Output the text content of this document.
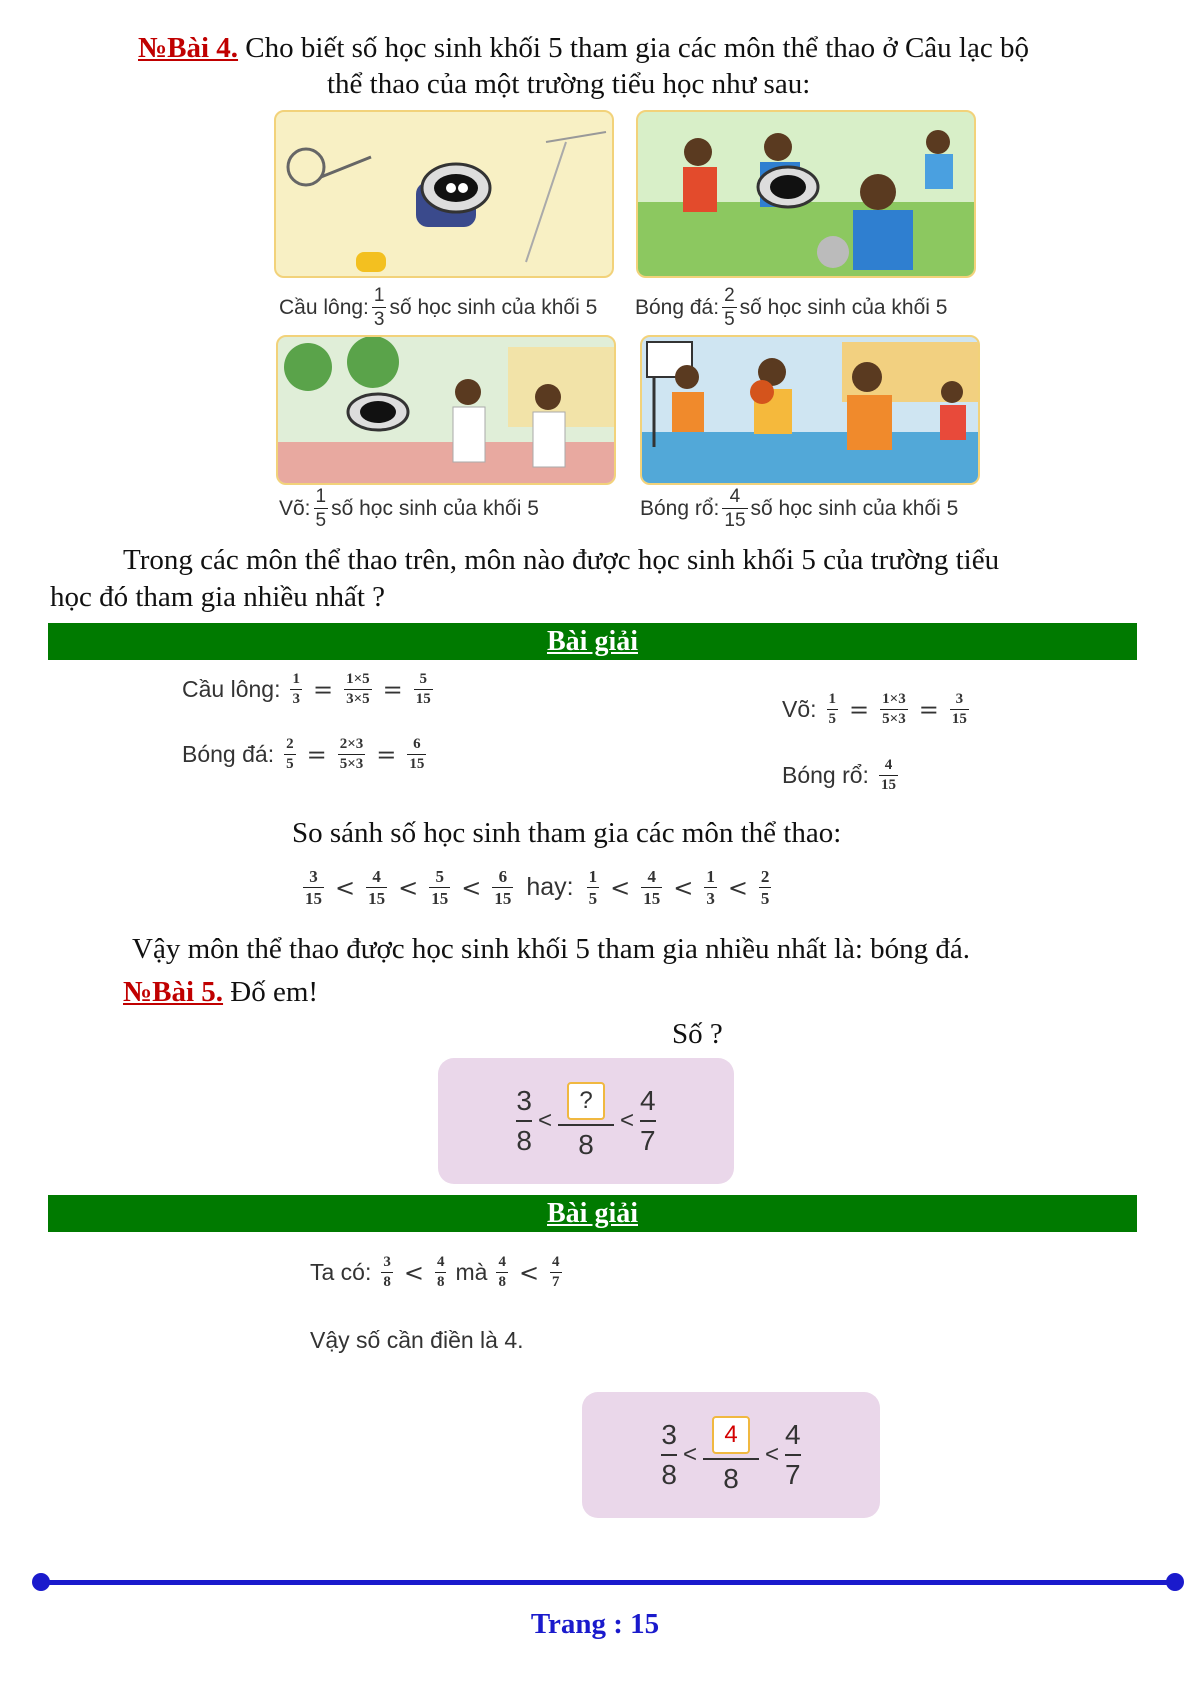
№Bài 4. Cho biết số học sinh khối 5 tham gia các môn thể thao ở Câu lạc bộ
thể thao của một trường tiểu học như sau:
Cầu lông: $\frac{1}{3}$ số học sinh của khối 5 Bóng đá: $\frac{2}{5}$ số học sinh của khối 5
Võ: $\frac{1}{5}$ số học sinh của khối 5	Bóng rổ: $\frac{4}{15}$ số học sinh của khối 5
Trong các môn thể thao trên, môn nào được học sinh khối 5 của trường tiểu
học đó tham gia nhiều nhất ?
Bài giải
Cầu lông: $\frac{1}{3} = \frac{1\times 5}{3\times 5} = \frac{5}{15}$
Bóng đá: $\frac{2}{5} = \frac{2\times 3}{5\times 3} = \frac{6}{15}$
Võ: $\frac{1}{5} = \frac{1\times 3}{5\times 3} = \frac{3}{15}$
Bóng rổ: $\frac{4}{15}$
So sánh số học sinh tham gia các môn thể thao:
$\frac{3}{15} < \frac{4}{15} < \frac{5}{15} < \frac{6}{15}$ hay: $\frac{1}{5} < \frac{4}{15} < \frac{1}{3} < \frac{2}{5}$
Vậy môn thể thao được học sinh khối 5 tham gia nhiều nhất là: bóng đá.
№Bài 5. Đố em!
Số ?
$\frac{3}{8} < \frac{?}{8} < \frac{4}{7}$
Bài giải
Ta có: $\frac{3}{8} < \frac{4}{8}$ mà $\frac{4}{8} < \frac{4}{7}$
Vậy số cần điền là 4.
$\frac{3}{8} < \frac{4}{8} < \frac{4}{7}$
Trang : 15
